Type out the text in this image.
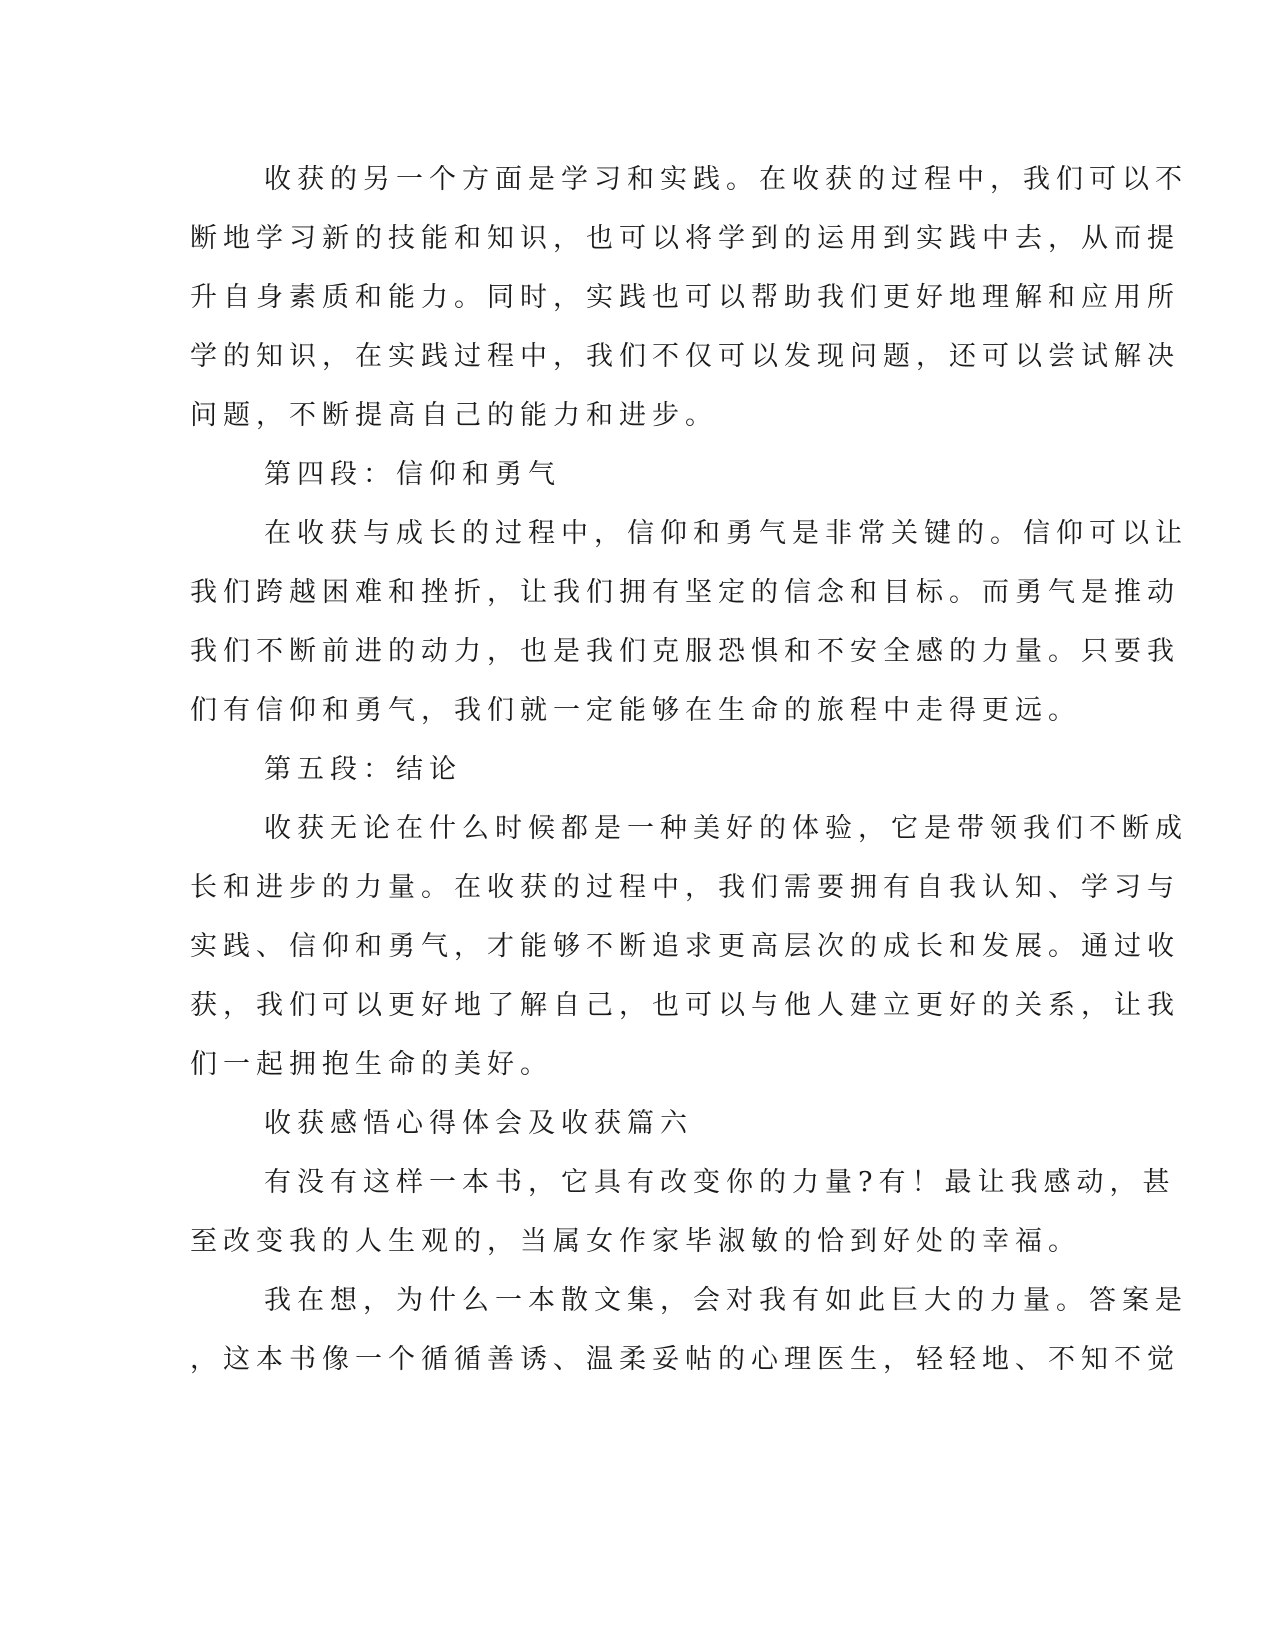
收获的另一个方面是学习和实践。在收获的过程中，我们可以不
断地学习新的技能和知识，也可以将学到的运用到实践中去，从而提
升自身素质和能力。同时，实践也可以帮助我们更好地理解和应用所
学的知识，在实践过程中，我们不仅可以发现问题，还可以尝试解决
问题，不断提高自己的能力和进步。
第四段：信仰和勇气
在收获与成长的过程中，信仰和勇气是非常关键的。信仰可以让
我们跨越困难和挫折，让我们拥有坚定的信念和目标。而勇气是推动
我们不断前进的动力，也是我们克服恐惧和不安全感的力量。只要我
们有信仰和勇气，我们就一定能够在生命的旅程中走得更远。
第五段：结论
收获无论在什么时候都是一种美好的体验，它是带领我们不断成
长和进步的力量。在收获的过程中，我们需要拥有自我认知、学习与
实践、信仰和勇气，才能够不断追求更高层次的成长和发展。通过收
获，我们可以更好地了解自己，也可以与他人建立更好的关系，让我
们一起拥抱生命的美好。
收获感悟心得体会及收获篇六
有没有这样一本书，它具有改变你的力量?有！最让我感动，甚
至改变我的人生观的，当属女作家毕淑敏的恰到好处的幸福。
我在想，为什么一本散文集，会对我有如此巨大的力量。答案是
，这本书像一个循循善诱、温柔妥帖的心理医生，轻轻地、不知不觉
